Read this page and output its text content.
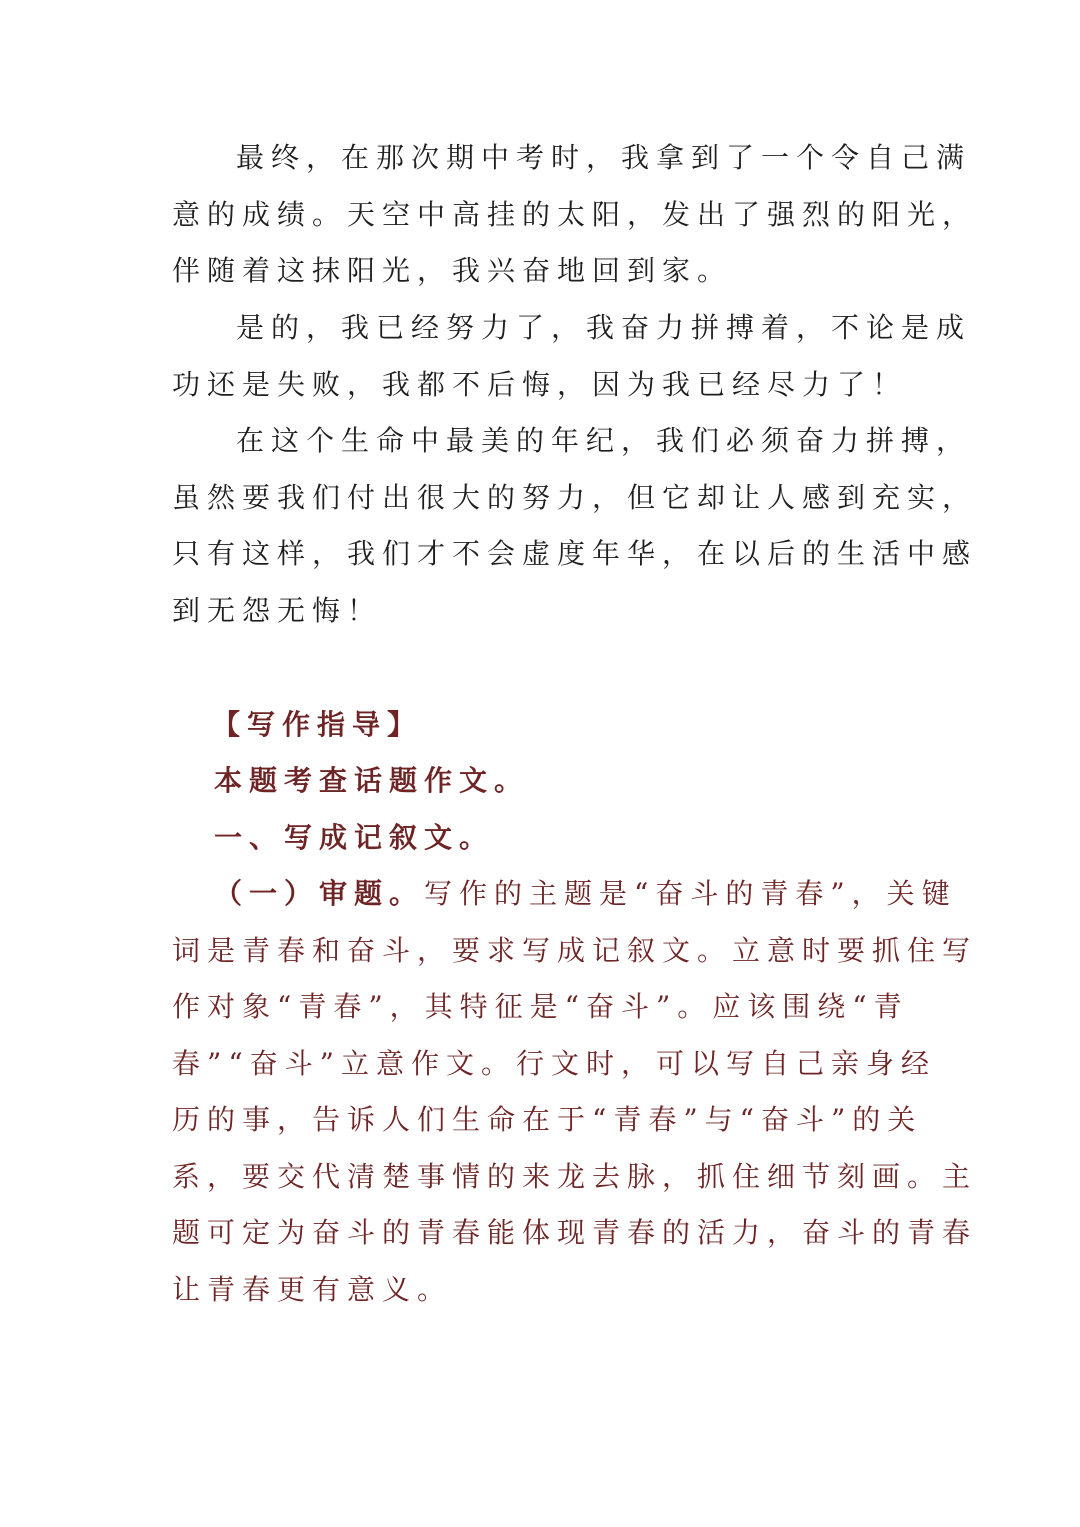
最终，在那次期中考时，我拿到了一个令自己满
意的成绩。天空中高挂的太阳，发出了强烈的阳光，
伴随着这抹阳光，我兴奋地回到家。
是的，我已经努力了，我奋力拼搏着，不论是成
功还是失败，我都不后悔，因为我已经尽力了！
在这个生命中最美的年纪，我们必须奋力拼搏，
虽然要我们付出很大的努力，但它却让人感到充实，
只有这样，我们才不会虚度年华，在以后的生活中感
到无怨无悔！
【写作指导】
本题考查话题作文。
一、写成记叙文。
（一）审题。写作的主题是“奋斗的青春”，关键
词是青春和奋斗，要求写成记叙文。立意时要抓住写
作对象“青春”，其特征是“奋斗”。应该围绕“青
春”“奋斗”立意作文。行文时，可以写自己亲身经
历的事，告诉人们生命在于“青春”与“奋斗”的关
系，要交代清楚事情的来龙去脉，抓住细节刻画。主
题可定为奋斗的青春能体现青春的活力，奋斗的青春
让青春更有意义。
